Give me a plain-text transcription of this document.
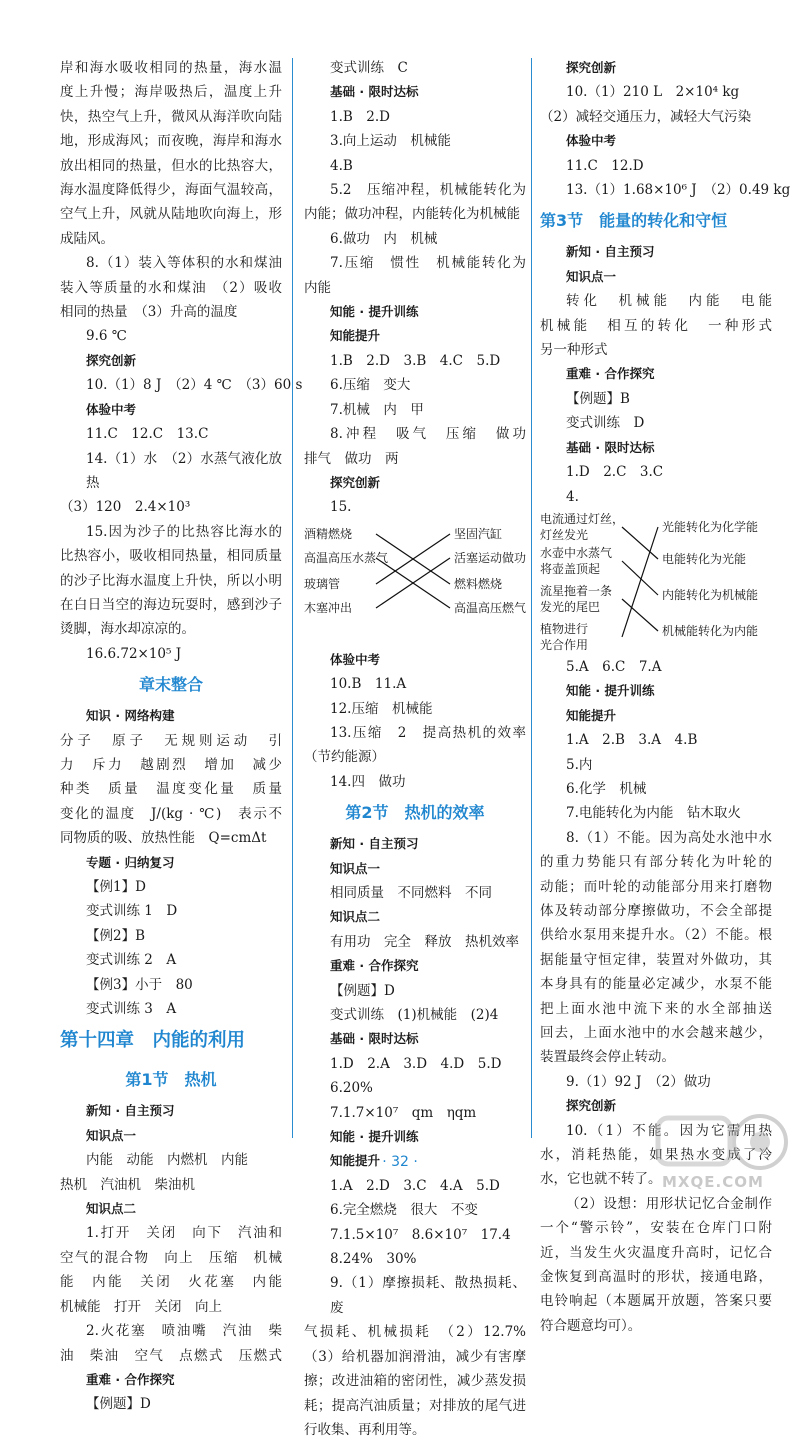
岸和海水吸收相同的热量，海水温
度上升慢；海岸吸热后，温度上升
快，热空气上升，微风从海洋吹向陆
地，形成海风；而夜晚，海岸和海水
放出相同的热量，但水的比热容大，
海水温度降低得少，海面气温较高，
空气上升，风就从陆地吹向海上，形
成陆风。
8.（1）装入等体积的水和煤油
装入等质量的水和煤油　（2）吸收
相同的热量　（3）升高的温度
9.6 ℃
探究创新
10.（1）8 J　（2）4 ℃　（3）60 s
体验中考
11.C　12.C　13.C
14.（1）水　（2）水蒸气液化放热
（3）120　2.4×10³
15.因为沙子的比热容比海水的
比热容小，吸收相同热量，相同质量
的沙子比海水温度上升快，所以小明
在白日当空的海边玩耍时，感到沙子
烫脚，海水却凉凉的。
16.6.72×10⁵ J
章末整合
知识 · 网络构建
分子　原子　无规则运动　引
力　斥力　越剧烈　增加　减少
种类　质量　温度变化量　质量
变化的温度　J/(kg · ℃)　表示不
同物质的吸、放热性能　Q=cmΔt
专题 · 归纳复习
【例1】D
变式训练 1　D
【例2】B
变式训练 2　A
【例3】小于　80
变式训练 3　A
第十四章　内能的利用
第1节　热机
新知 · 自主预习
知识点一
内能　动能　内燃机　内能
热机　汽油机　柴油机
知识点二
1.打开　关闭　向下　汽油和
空气的混合物　向上　压缩　机械
能　内能　关闭　火花塞　内能
机械能　打开　关闭　向上
2.火花塞　喷油嘴　汽油　柴
油　柴油　空气　点燃式　压燃式
重难 · 合作探究
【例题】D
变式训练　C
基础 · 限时达标
1.B　2.D
3.向上运动　机械能
4.B
5.2　压缩冲程，机械能转化为
内能；做功冲程，内能转化为机械能
6.做功　内　机械
7.压缩　惯性　机械能转化为
内能
知能 · 提升训练
知能提升
1.B　2.D　3.B　4.C　5.D
6.压缩　变大
7.机械　内　甲
8.冲程　吸气　压缩　做功
排气　做功　两
探究创新
15.
酒精燃烧
高温高压水蒸气
玻璃管
木塞冲出
坚固汽缸
活塞运动做功
燃料燃烧
高温高压燃气
体验中考
10.B　11.A
12.压缩　机械能
13.压缩　2　提高热机的效率
（节约能源）
14.四　做功
第2节　热机的效率
新知 · 自主预习
知识点一
相同质量　不同燃料　不同
知识点二
有用功　完全　释放　热机效率
重难 · 合作探究
【例题】D
变式训练　(1)机械能　(2)4
基础 · 限时达标
1.D　2.A　3.D　4.D　5.D
6.20%
7.1.7×10⁷　qm　ηqm
知能 · 提升训练
知能提升
1.A　2.D　3.C　4.A　5.D
6.完全燃烧　很大　不变
7.1.5×10⁷　8.6×10⁷　17.4
8.24%　30%
9.（1）摩擦损耗、散热损耗、废
气损耗、机械损耗　（2）12.7%
（3）给机器加润滑油，减少有害摩
擦；改进油箱的密闭性，减少蒸发损
耗；提高汽油质量；对排放的尾气进
行收集、再利用等。
探究创新
10.（1）210 L　2×10⁴ kg
（2）减轻交通压力，减轻大气污染
体验中考
11.C　12.D
13.（1）1.68×10⁶ J　（2）0.49 kg
第3节　能量的转化和守恒
新知 · 自主预习
知识点一
转化　机械能　内能　电能
机械能　相互的转化　一种形式
另一种形式
重难 · 合作探究
【例题】B
变式训练　D
基础 · 限时达标
1.D　2.C　3.C
4.
电流通过灯丝，
灯丝发光
水壶中水蒸气
将壶盖顶起
流星拖着一条
发光的尾巴
植物进行
光合作用
光能转化为化学能
电能转化为光能
内能转化为机械能
机械能转化为内能
5.A　6.C　7.A
知能 · 提升训练
知能提升
1.A　2.B　3.A　4.B
5.内
6.化学　机械
7.电能转化为内能　钻木取火
8.（1）不能。因为高处水池中水
的重力势能只有部分转化为叶轮的
动能；而叶轮的动能部分用来打磨物
体及转动部分摩擦做功，不会全部提
供给水泵用来提升水。（2）不能。根
据能量守恒定律，装置对外做功，其
本身具有的能量必定减少，水泵不能
把上面水池中流下来的水全部抽送
回去，上面水池中的水会越来越少，
装置最终会停止转动。
9.（1）92 J　（2）做功
探究创新
10.（1）不能。因为它需用热
水，消耗热能，如果热水变成了冷
水，它也就不转了。
（2）设想：用形状记忆合金制作
一个“警示铃”，安装在仓库门口附
近，当发生火灾温度升高时，记忆合
金恢复到高温时的形状，接通电路，
电铃响起（本题属开放题，答案只要
符合题意均可）。
· 32 ·
MXQE.COM
